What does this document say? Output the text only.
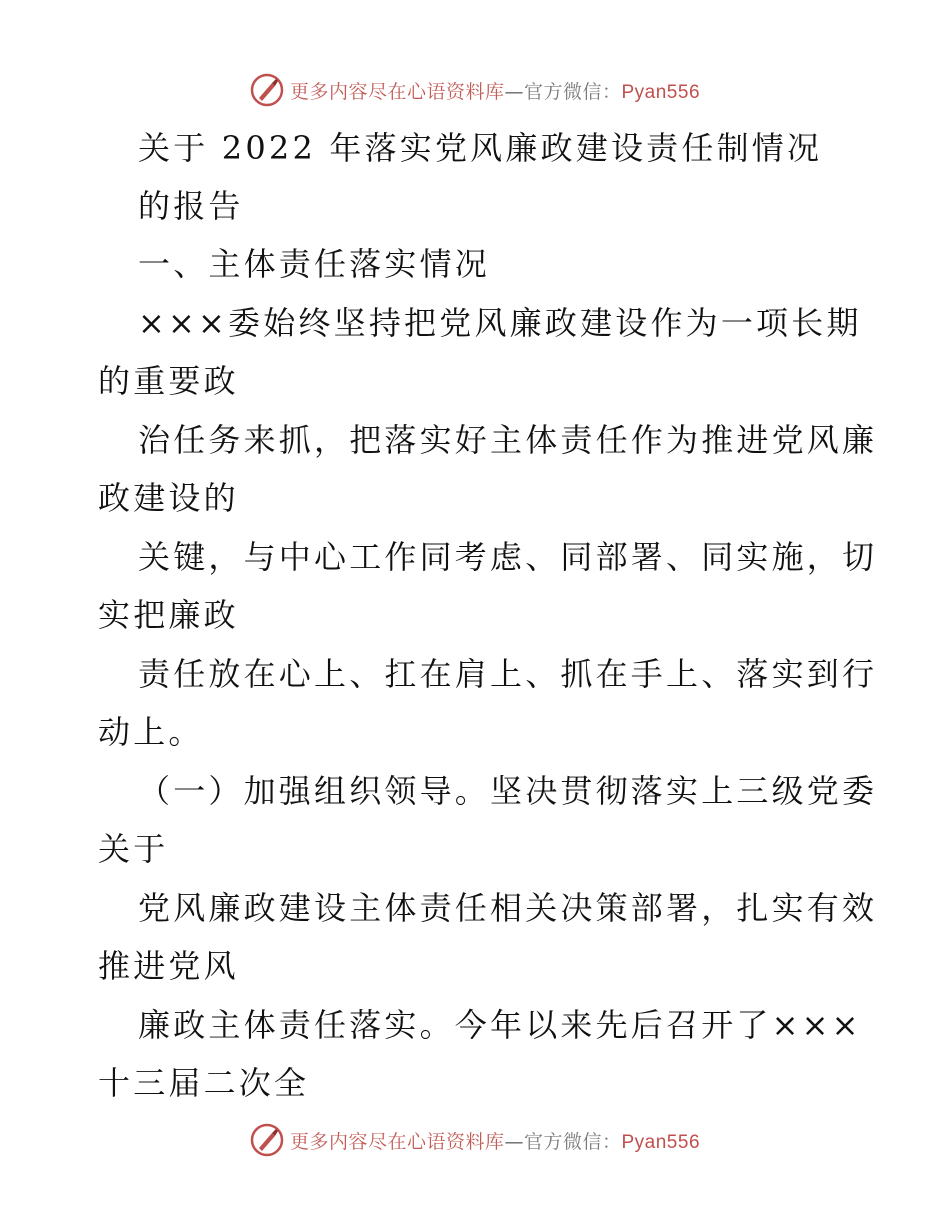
更多内容尽在心语资料库—官方微信：Pyan556
关于 2022 年落实党风廉政建设责任制情况
的报告
一、主体责任落实情况
×××委始终坚持把党风廉政建设作为一项长期
的重要政
治任务来抓，把落实好主体责任作为推进党风廉
政建设的
关键，与中心工作同考虑、同部署、同实施，切
实把廉政
责任放在心上、扛在肩上、抓在手上、落实到行
动上。
（一）加强组织领导。坚决贯彻落实上三级党委
关于
党风廉政建设主体责任相关决策部署，扎实有效
推进党风
廉政主体责任落实。今年以来先后召开了×××
十三届二次全
更多内容尽在心语资料库—官方微信：Pyan556
